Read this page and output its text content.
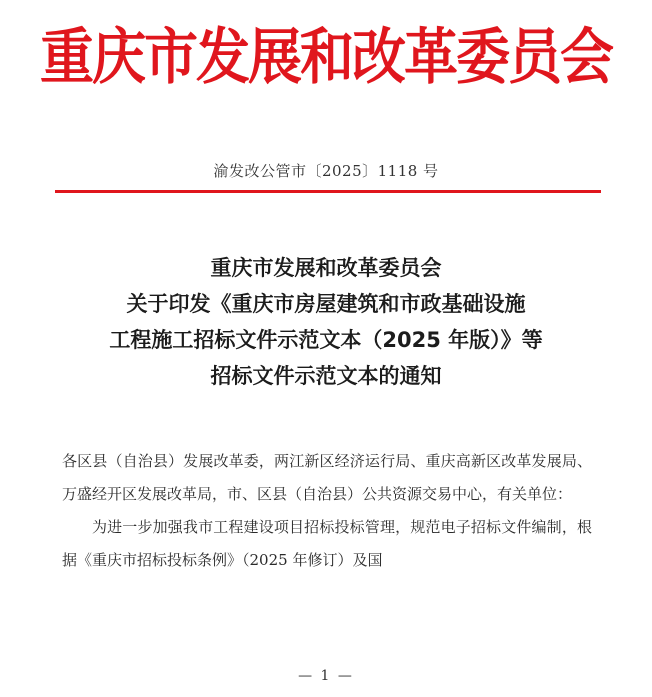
重庆市发展和改革委员会
渝发改公管市〔2025〕1118 号
重庆市发展和改革委员会
关于印发《重庆市房屋建筑和市政基础设施
工程施工招标文件示范文本（2025 年版）》等
招标文件示范文本的通知

各区县（自治县）发展改革委，两江新区经济运行局、重庆高新区改革发展局、万盛经开区发展改革局，市、区县（自治县）公共资源交易中心，有关单位：

为进一步加强我市工程建设项目招标投标管理，规范电子招标文件编制，根据《重庆市招标投标条例》（2025 年修订）及国

— 1 —
